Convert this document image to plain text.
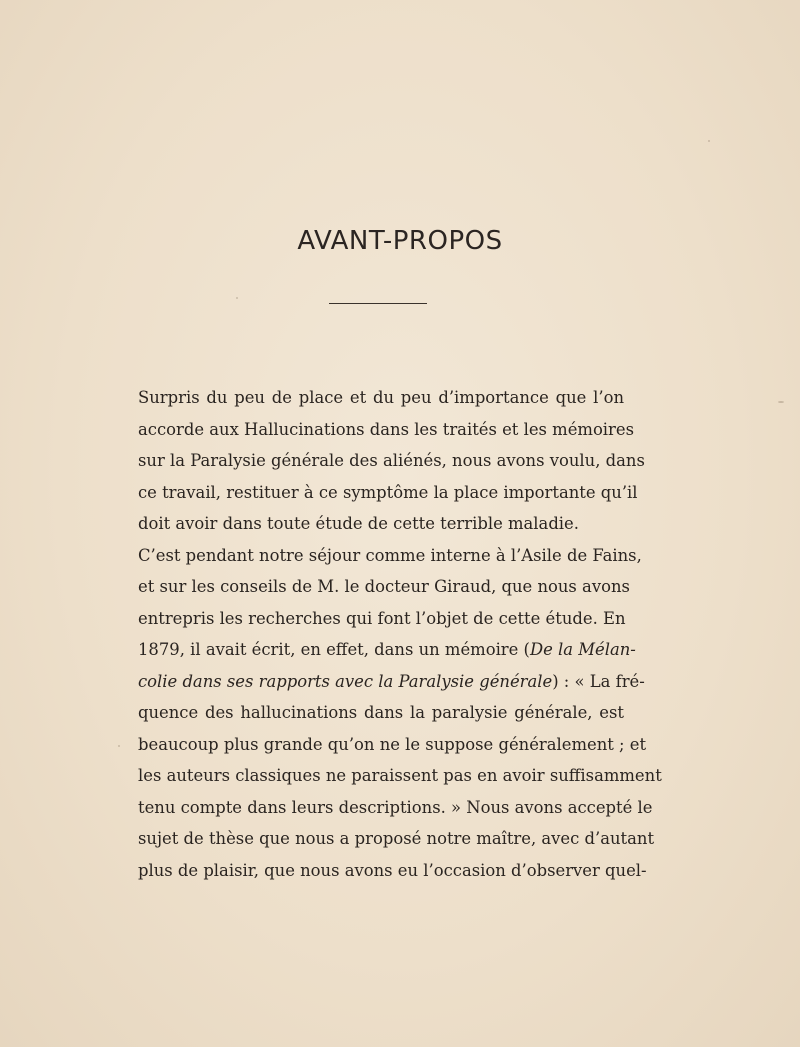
AVANT-PROPOS
Surpris du peu de place et du peu d’importance que l’on
accorde aux Hallucinations dans les traités et les mémoires
sur la Paralysie générale des aliénés, nous avons voulu, dans
ce travail, restituer à ce symptôme la place importante qu’il
doit avoir dans toute étude de cette terrible maladie.
C’est pendant notre séjour comme interne à l’Asile de Fains,
et sur les conseils de M. le docteur Giraud, que nous avons
entrepris les recherches qui font l’objet de cette étude. En
1879, il avait écrit, en effet, dans un mémoire (De la Mélan-
colie dans ses rapports avec la Paralysie générale) : « La fré-
quence des hallucinations dans la paralysie générale, est
beaucoup plus grande qu’on ne le suppose généralement ; et
les auteurs classiques ne paraissent pas en avoir suffisamment
tenu compte dans leurs descriptions. » Nous avons accepté le
sujet de thèse que nous a proposé notre maître, avec d’autant
plus de plaisir, que nous avons eu l’occasion d’observer quel-
